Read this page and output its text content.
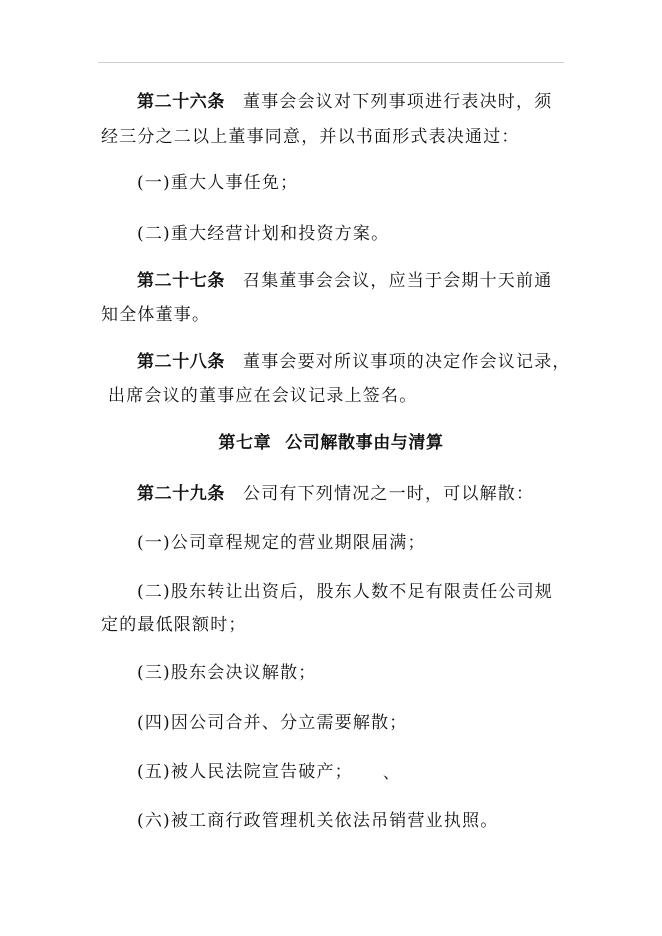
第二十六条 董事会会议对下列事项进行表决时，须
经三分之二以上董事同意，并以书面形式表决通过：
(一)重大人事任免；
(二)重大经营计划和投资方案。
第二十七条 召集董事会会议，应当于会期十天前通
知全体董事。
第二十八条 董事会要对所议事项的决定作会议记录，
出席会议的董事应在会议记录上签名。
第七章 公司解散事由与清算
第二十九条 公司有下列情况之一时，可以解散：
(一)公司章程规定的营业期限届满；
(二)股东转让出资后，股东人数不足有限责任公司规
定的最低限额时；
(三)股东会决议解散；
(四)因公司合并、分立需要解散；
(五)被人民法院宣告破产； 、
(六)被工商行政管理机关依法吊销营业执照。
